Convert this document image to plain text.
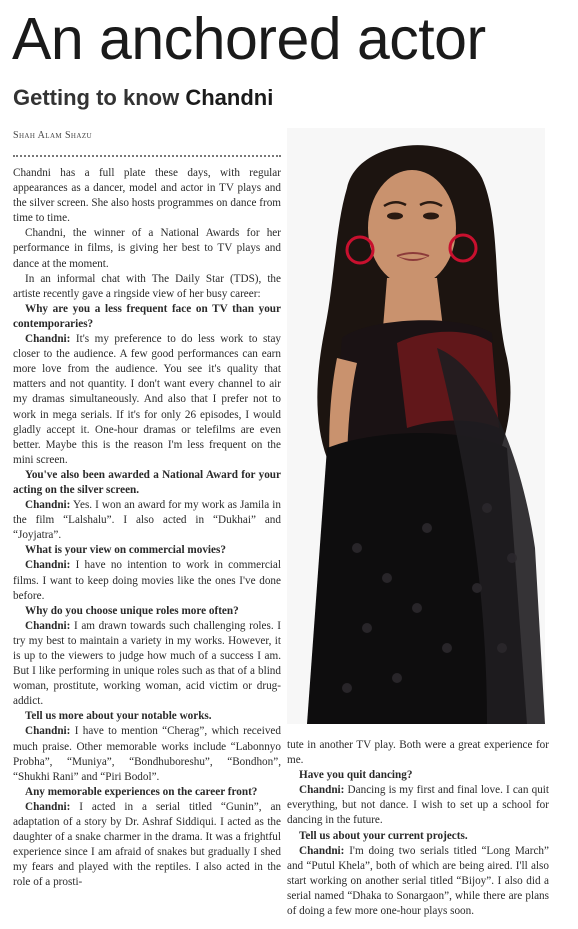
An anchored actor
Getting to know Chandni
Shah Alam Shazu

Chandni has a full plate these days, with regular appearances as a dancer, model and actor in TV plays and the silver screen. She also hosts programmes on dance from time to time.

Chandni, the winner of a National Awards for her performance in films, is giving her best to TV plays and dance at the moment.

In an informal chat with The Daily Star (TDS), the artiste recently gave a ringside view of her busy career:

Why are you a less frequent face on TV than your contemporaries?

Chandni: It's my preference to do less work to stay closer to the audience. A few good performances can earn more love from the audience. You see it's quality that matters and not quantity. I don't want every channel to air my dramas simultaneously. And also that I prefer not to work in mega serials. If it's for only 26 episodes, I would gladly accept it. One-hour dramas or telefilms are even better. Maybe this is the reason I'm less frequent on the mini screen.

You've also been awarded a National Award for your acting on the silver screen.

Chandni: Yes. I won an award for my work as Jamila in the film “Lalshalu”. I also acted in “Dukhai” and “Joyjatra”.

What is your view on commercial movies?

Chandni: I have no intention to work in commercial films. I want to keep doing movies like the ones I've done before.

Why do you choose unique roles more often?

Chandni: I am drawn towards such challenging roles. I try my best to maintain a variety in my works. However, it is up to the viewers to judge how much of a success I am. But I like performing in unique roles such as that of a blind woman, prostitute, working woman, acid victim or drug-addict.

Tell us more about your notable works.

Chandni: I have to mention “Cherag”, which received much praise. Other memorable works include “Labonnyo Probha”, “Muniya”, “Bondhuboreshu”, “Bondhon”, “Shukhi Rani” and “Piri Bodol”.

Any memorable experiences on the career front?

Chandni: I acted in a serial titled “Gunin”, an adaptation of a story by Dr. Ashraf Siddiqui. I acted as the daughter of a snake charmer in the drama. It was a frightful experience since I am afraid of snakes but gradually I shed my fears and played with the reptiles. I also acted in the role of a prosti-

tute in another TV play. Both were a great experience for me.

Have you quit dancing?

Chandni: Dancing is my first and final love. I can quit everything, but not dance. I wish to set up a school for dancing in the future.

Tell us about your current projects.

Chandni: I'm doing two serials titled “Long March” and “Putul Khela”, both of which are being aired. I'll also start working on another serial titled “Bijoy”. I also did a serial named “Dhaka to Sonargaon”, while there are plans of doing a few more one-hour plays soon.
